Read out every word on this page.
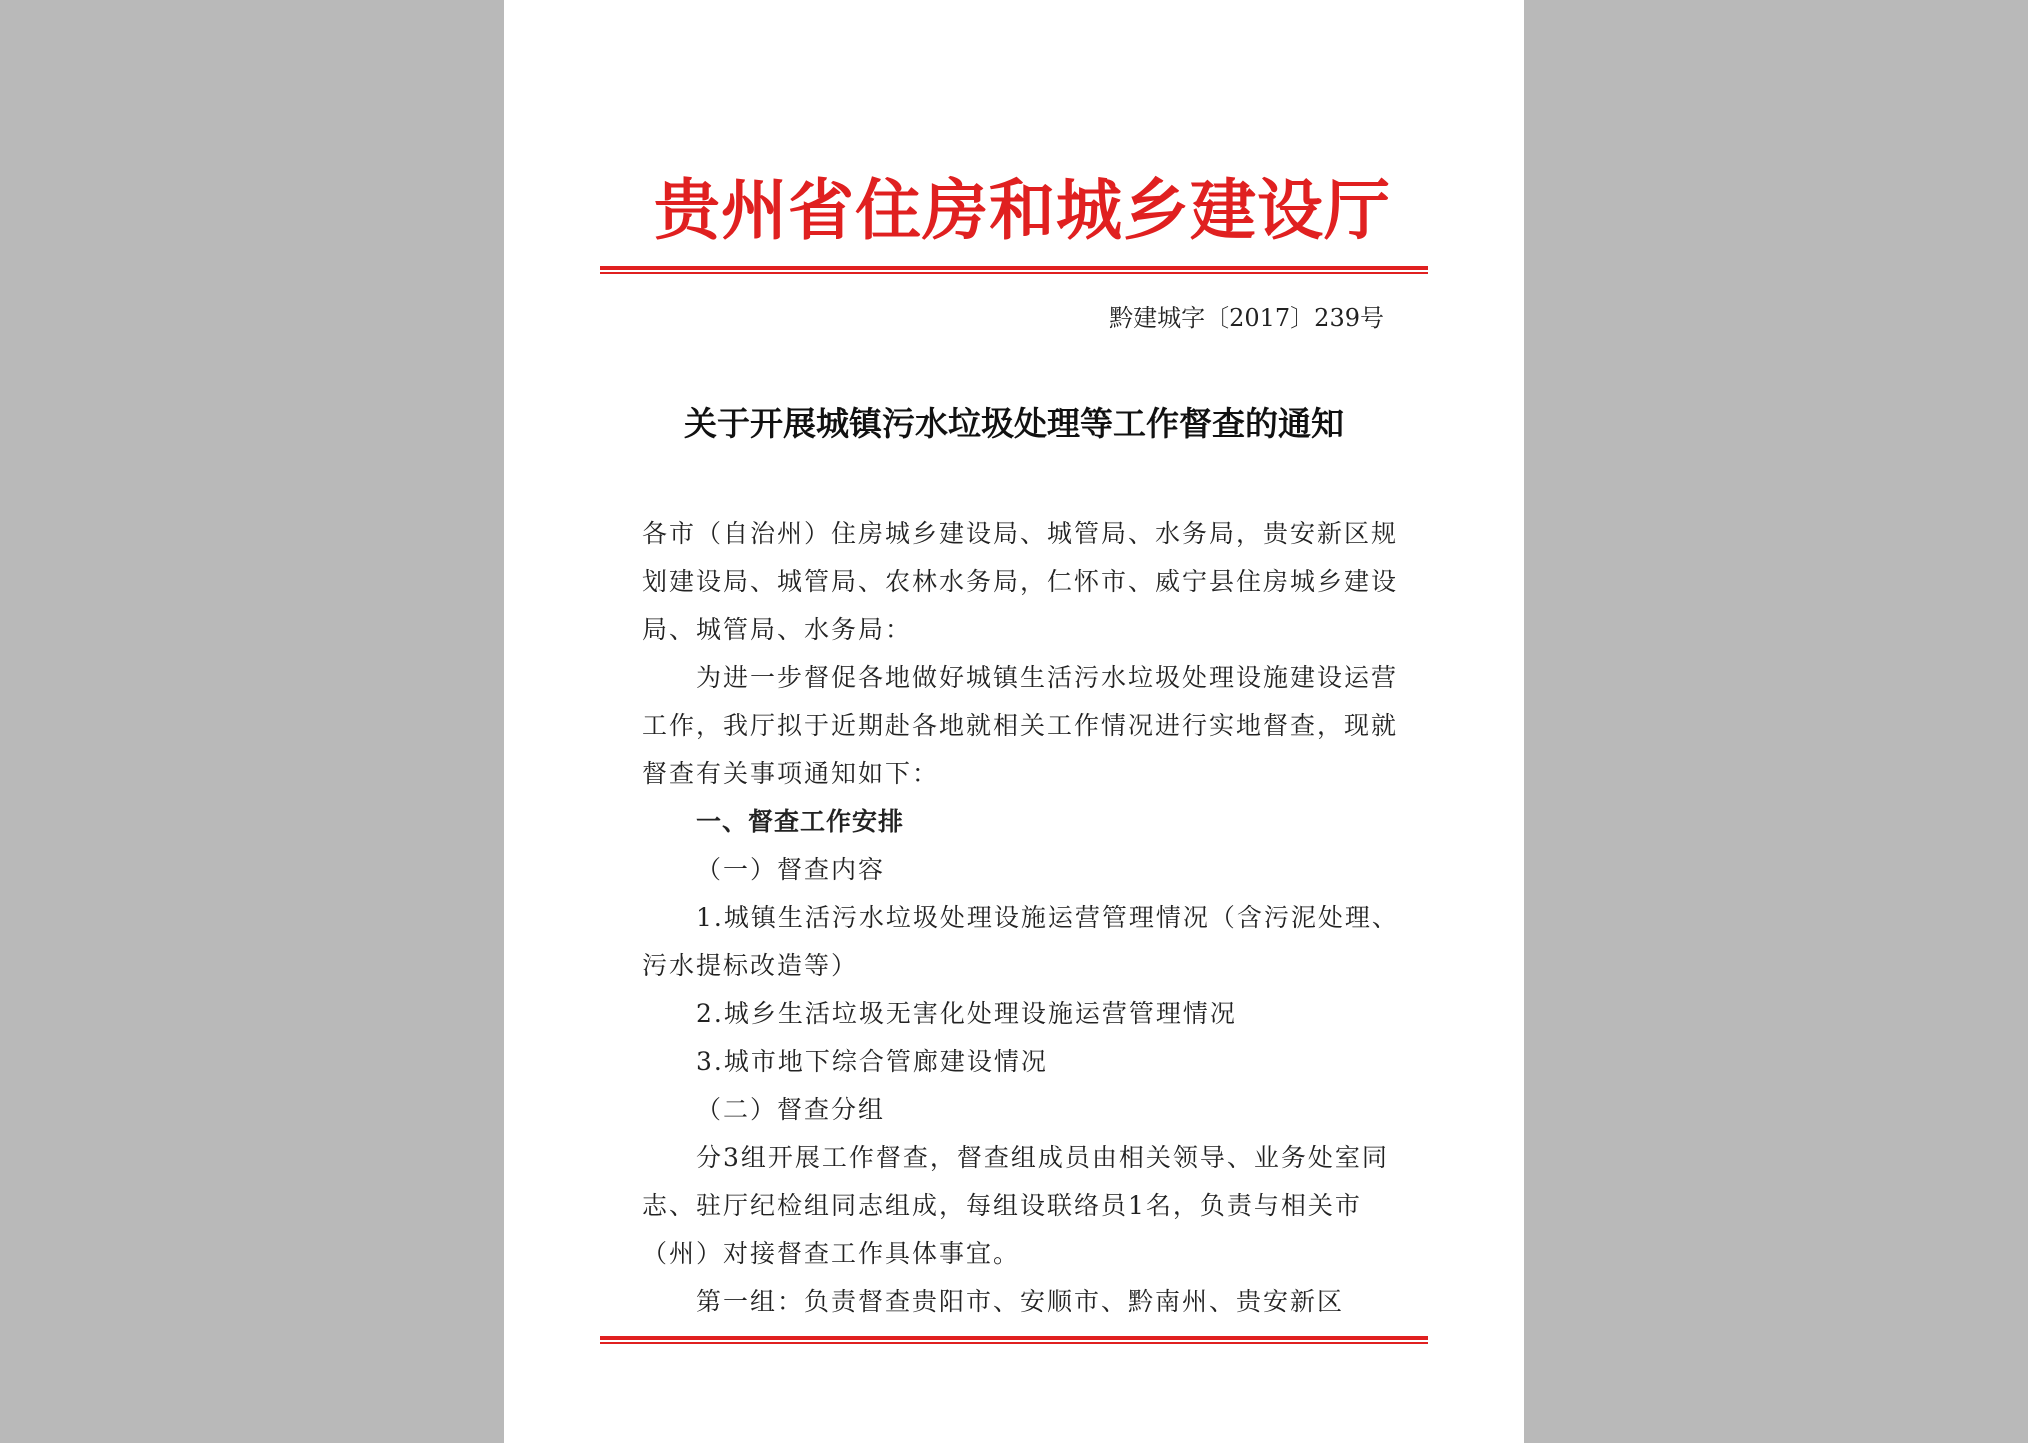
贵州省住房和城乡建设厅
黔建城字〔2017〕239号
关于开展城镇污水垃圾处理等工作督查的通知

各市（自治州）住房城乡建设局、城管局、水务局，贵安新区规划建设局、城管局、农林水务局，仁怀市、威宁县住房城乡建设局、城管局、水务局：

为进一步督促各地做好城镇生活污水垃圾处理设施建设运营工作，我厅拟于近期赴各地就相关工作情况进行实地督查，现就督查有关事项通知如下：

一、督查工作安排

（一）督查内容

1.城镇生活污水垃圾处理设施运营管理情况（含污泥处理、污水提标改造等）

2.城乡生活垃圾无害化处理设施运营管理情况

3.城市地下综合管廊建设情况

（二）督查分组

分3组开展工作督查，督查组成员由相关领导、业务处室同志、驻厅纪检组同志组成，每组设联络员1名，负责与相关市（州）对接督查工作具体事宜。

第一组：负责督查贵阳市、安顺市、黔南州、贵安新区
